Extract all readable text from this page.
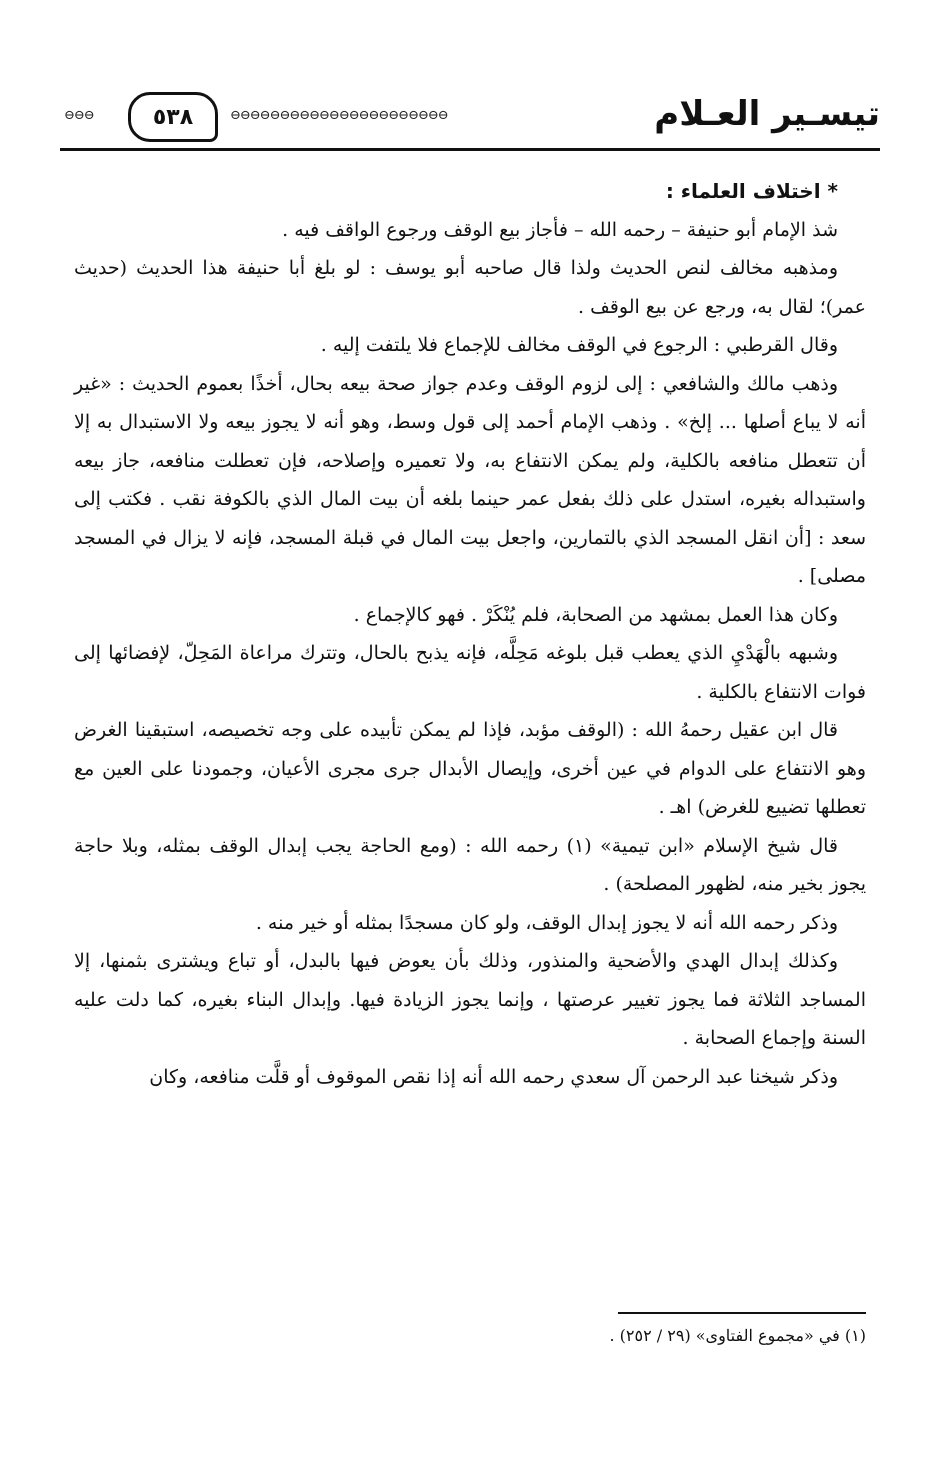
تيسـير العـلام
⊖⊖⊖⊖⊖⊖⊖⊖⊖⊖⊖⊖⊖⊖⊖⊖⊖⊖⊖⊖⊖⊖
٥٣٨
⊖⊖⊖

* اختلاف العلماء :

شذ الإمام أبو حنيفة – رحمه الله – فأجاز بيع الوقف ورجوع الواقف فيه .

ومذهبه مخالف لنص الحديث ولذا قال صاحبه أبو يوسف : لو بلغ أبا حنيفة هذا الحديث (حديث عمر)؛ لقال به، ورجع عن بيع الوقف .

وقال القرطبي : الرجوع في الوقف مخالف للإجماع فلا يلتفت إليه .

وذهب مالك والشافعي : إلى لزوم الوقف وعدم جواز صحة بيعه بحال، أخذًا بعموم الحديث : «غير أنه لا يباع أصلها ... إلخ» . وذهب الإمام أحمد إلى قول وسط، وهو أنه لا يجوز بيعه ولا الاستبدال به إلا أن تتعطل منافعه بالكلية، ولم يمكن الانتفاع به، ولا تعميره وإصلاحه، فإن تعطلت منافعه، جاز بيعه واستبداله بغيره، استدل على ذلك بفعل عمر حينما بلغه أن بيت المال الذي بالكوفة نقب . فكتب إلى سعد : [أن انقل المسجد الذي بالتمارين، واجعل بيت المال في قبلة المسجد، فإنه لا يزال في المسجد مصلى] .

وكان هذا العمل بمشهد من الصحابة، فلم يُنْكَرْ . فهو كالإجماع .

وشبهه بالْهَدْيِ الذي يعطب قبل بلوغه مَحِلَّه، فإنه يذبح بالحال، وتترك مراعاة المَحِلّ، لإفضائها إلى فوات الانتفاع بالكلية .

قال ابن عقيل رحمهُ الله : (الوقف مؤبد، فإذا لم يمكن تأبيده على وجه تخصيصه، استبقينا الغرض وهو الانتفاع على الدوام في عين أخرى، وإيصال الأبدال جرى مجرى الأعيان، وجمودنا على العين مع تعطلها تضييع للغرض) اهـ .

قال شيخ الإسلام «ابن تيمية» (١) رحمه الله : (ومع الحاجة يجب إبدال الوقف بمثله، وبلا حاجة يجوز بخير منه، لظهور المصلحة) .

وذكر رحمه الله أنه لا يجوز إبدال الوقف، ولو كان مسجدًا بمثله أو خير منه .

وكذلك إبدال الهدي والأضحية والمنذور، وذلك بأن يعوض فيها بالبدل، أو تباع ويشترى بثمنها، إلا المساجد الثلاثة فما يجوز تغيير عرصتها ، وإنما يجوز الزيادة فيها. وإبدال البناء بغيره، كما دلت عليه السنة وإجماع الصحابة .

وذكر شيخنا عبد الرحمن آل سعدي رحمه الله أنه إذا نقص الموقوف أو قلَّت منافعه، وكان

(١) في «مجموع الفتاوى» (٢٩ / ٢٥٢) .
